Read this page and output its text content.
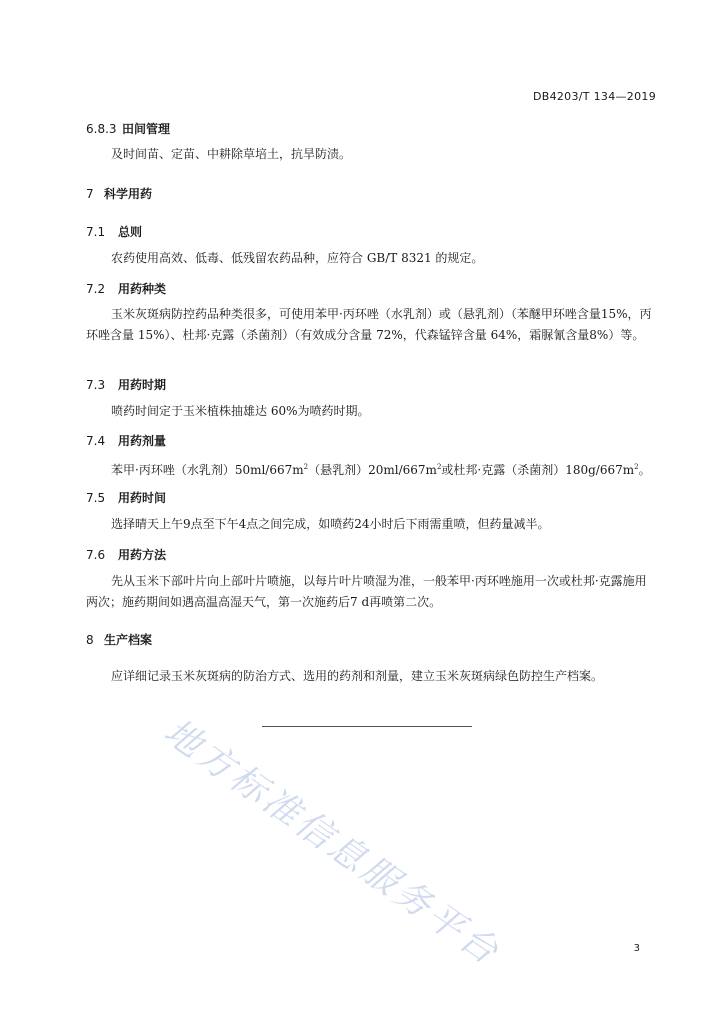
DB4203/T 134—2019
6.8.3 田间管理
及时间苗、定苗、中耕除草培土，抗旱防渍。
7 科学用药
7.1 总则
农药使用高效、低毒、低残留农药品种，应符合 GB/T 8321 的规定。
7.2 用药种类
玉米灰斑病防控药品种类很多，可使用苯甲·丙环唑（水乳剂）或（悬乳剂）（苯醚甲环唑含量15%，丙环唑含量 15%）、杜邦·克露（杀菌剂）（有效成分含量 72%，代森锰锌含量 64%，霜脲氰含量8%）等。
7.3 用药时期
喷药时间定于玉米植株抽雄达 60%为喷药时期。
7.4 用药剂量
苯甲·丙环唑（水乳剂）$50ml/667m^2$（悬乳剂）$20ml/667m^2$或杜邦·克露（杀菌剂）$180g/667m^2$。
7.5 用药时间
选择晴天上午9点至下午4点之间完成，如喷药24小时后下雨需重喷，但药量减半。
7.6 用药方法
先从玉米下部叶片向上部叶片喷施，以每片叶片喷湿为准，一般苯甲·丙环唑施用一次或杜邦·克露施用两次；施药期间如遇高温高湿天气，第一次施药后7 d再喷第二次。
8 生产档案
应详细记录玉米灰斑病的防治方式、选用的药剂和剂量，建立玉米灰斑病绿色防控生产档案。
地方标准信息服务平台	3
